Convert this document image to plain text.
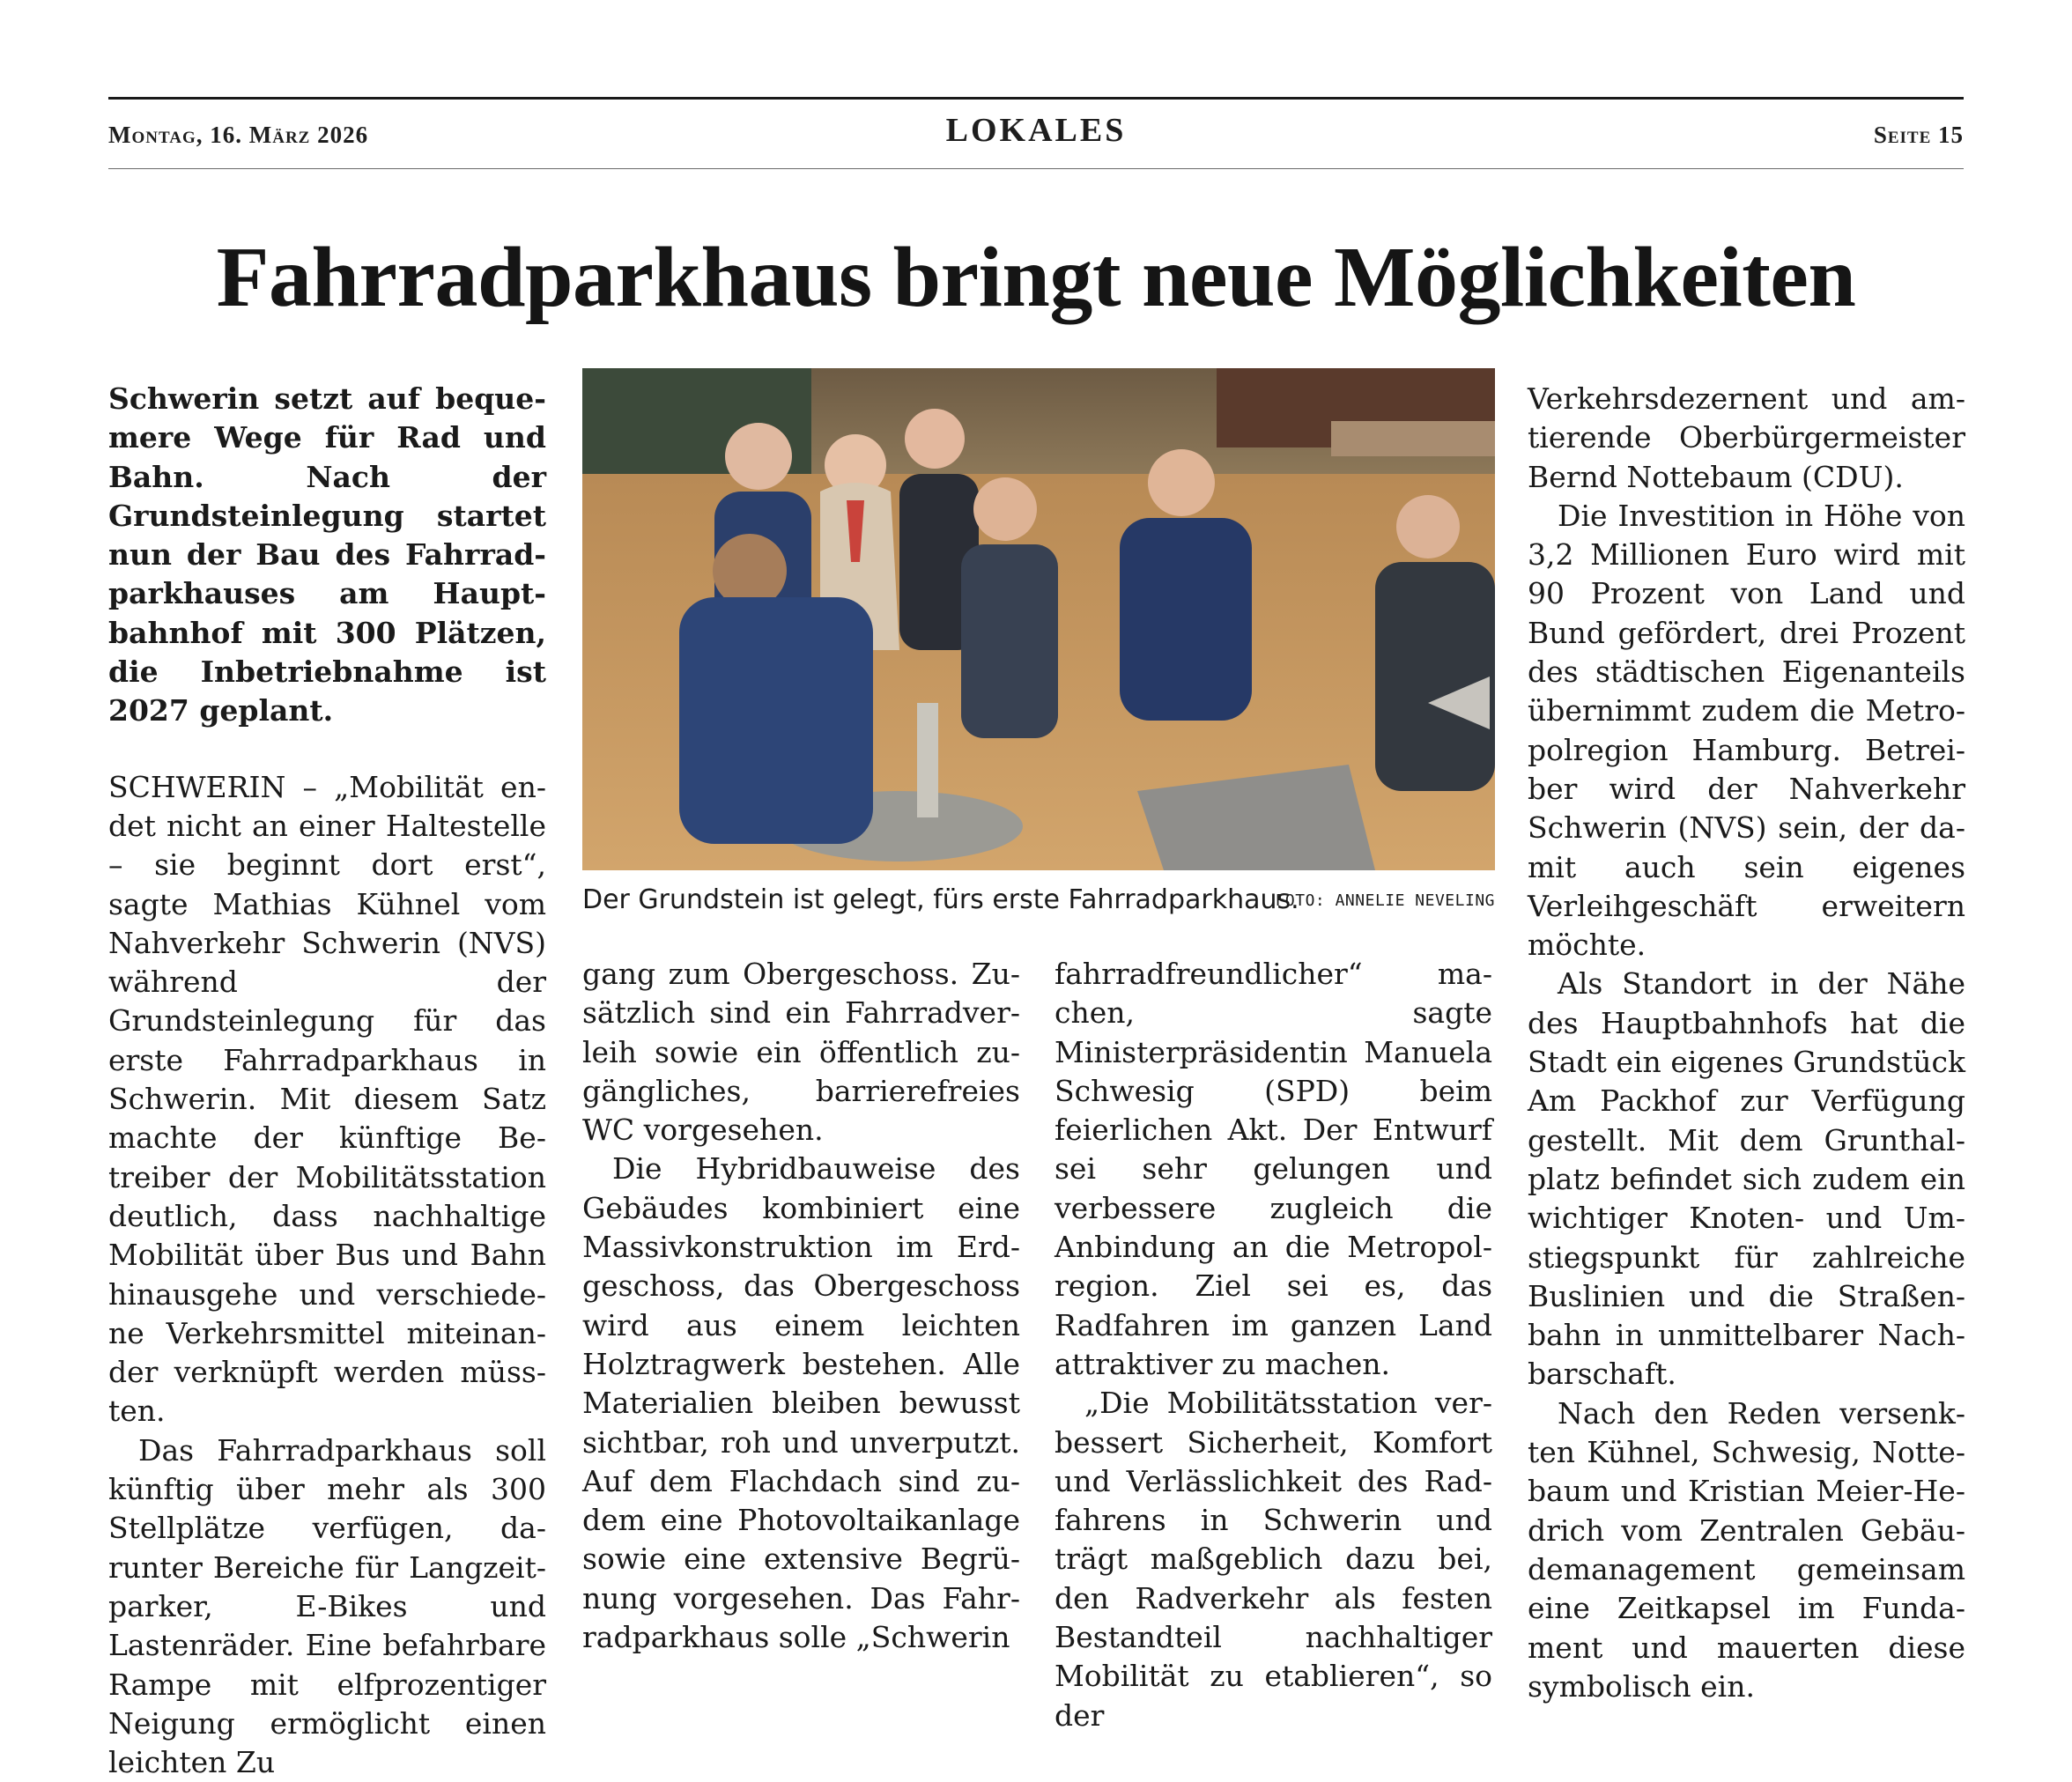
Montag, 16. März 2026	LOKALES	Seite 15
Fahrradparkhaus bringt neue Möglichkeiten

Schwerin setzt auf bequemere Wege für Rad und Bahn. Nach der Grundsteinlegung startet nun der Bau des Fahrradparkhauses am Hauptbahnhof mit 300 Plätzen, die Inbetriebnahme ist 2027 geplant.

SCHWERIN – „Mobilität endet nicht an einer Haltestelle – sie beginnt dort erst“, sagte Mathias Kühnel vom Nahverkehr Schwerin (NVS) während der Grundsteinlegung für das erste Fahrradparkhaus in Schwerin. Mit diesem Satz machte der künftige Betreiber der Mobilitätsstation deutlich, dass nachhaltige Mobilität über Bus und Bahn hinausgehe und verschiedene Verkehrsmittel miteinander verknüpft werden müssten.

Das Fahrradparkhaus soll künftig über mehr als 300 Stellplätze verfügen, darunter Bereiche für Langzeitparker, E-Bikes und Lastenräder. Eine befahrbare Rampe mit elfprozentiger Neigung ermöglicht einen leichten Zu

Der Grundstein ist gelegt, fürs erste Fahrradparkhaus.
FOTO: ANNELIE NEVELING

gang zum Obergeschoss. Zusätzlich sind ein Fahrradverleih sowie ein öffentlich zugängliches, barrierefreies WC vorgesehen.

Die Hybridbauweise des Gebäudes kombiniert eine Massivkonstruktion im Erdgeschoss, das Obergeschoss wird aus einem leichten Holztragwerk bestehen. Alle Materialien bleiben bewusst sichtbar, roh und unverputzt. Auf dem Flachdach sind zudem eine Photovoltaikanlage sowie eine extensive Begrünung vorgesehen. Das Fahrradparkhaus solle „Schwerin

fahrradfreundlicher“ machen, sagte Ministerpräsidentin Manuela Schwesig (SPD) beim feierlichen Akt. Der Entwurf sei sehr gelungen und verbessere zugleich die Anbindung an die Metropolregion. Ziel sei es, das Radfahren im ganzen Land attraktiver zu machen.

„Die Mobilitätsstation verbessert Sicherheit, Komfort und Verlässlichkeit des Radfahrens in Schwerin und trägt maßgeblich dazu bei, den Radverkehr als festen Bestandteil nachhaltiger Mobilität zu etablieren“, so der

Verkehrsdezernent und amtierende Oberbürgermeister Bernd Nottebaum (CDU).

Die Investition in Höhe von 3,2 Millionen Euro wird mit 90 Prozent von Land und Bund gefördert, drei Prozent des städtischen Eigenanteils übernimmt zudem die Metropolregion Hamburg. Betreiber wird der Nahverkehr Schwerin (NVS) sein, der damit auch sein eigenes Verleihgeschäft erweitern möchte.

Als Standort in der Nähe des Hauptbahnhofs hat die Stadt ein eigenes Grundstück Am Packhof zur Verfügung gestellt. Mit dem Grunthalplatz befindet sich zudem ein wichtiger Knoten- und Umstiegspunkt für zahlreiche Buslinien und die Straßenbahn in unmittelbarer Nachbarschaft.

Nach den Reden versenkten Kühnel, Schwesig, Nottebaum und Kristian Meier-Hedrich vom Zentralen Gebäudemanagement gemeinsam eine Zeitkapsel im Fundament und mauerten diese symbolisch ein.
